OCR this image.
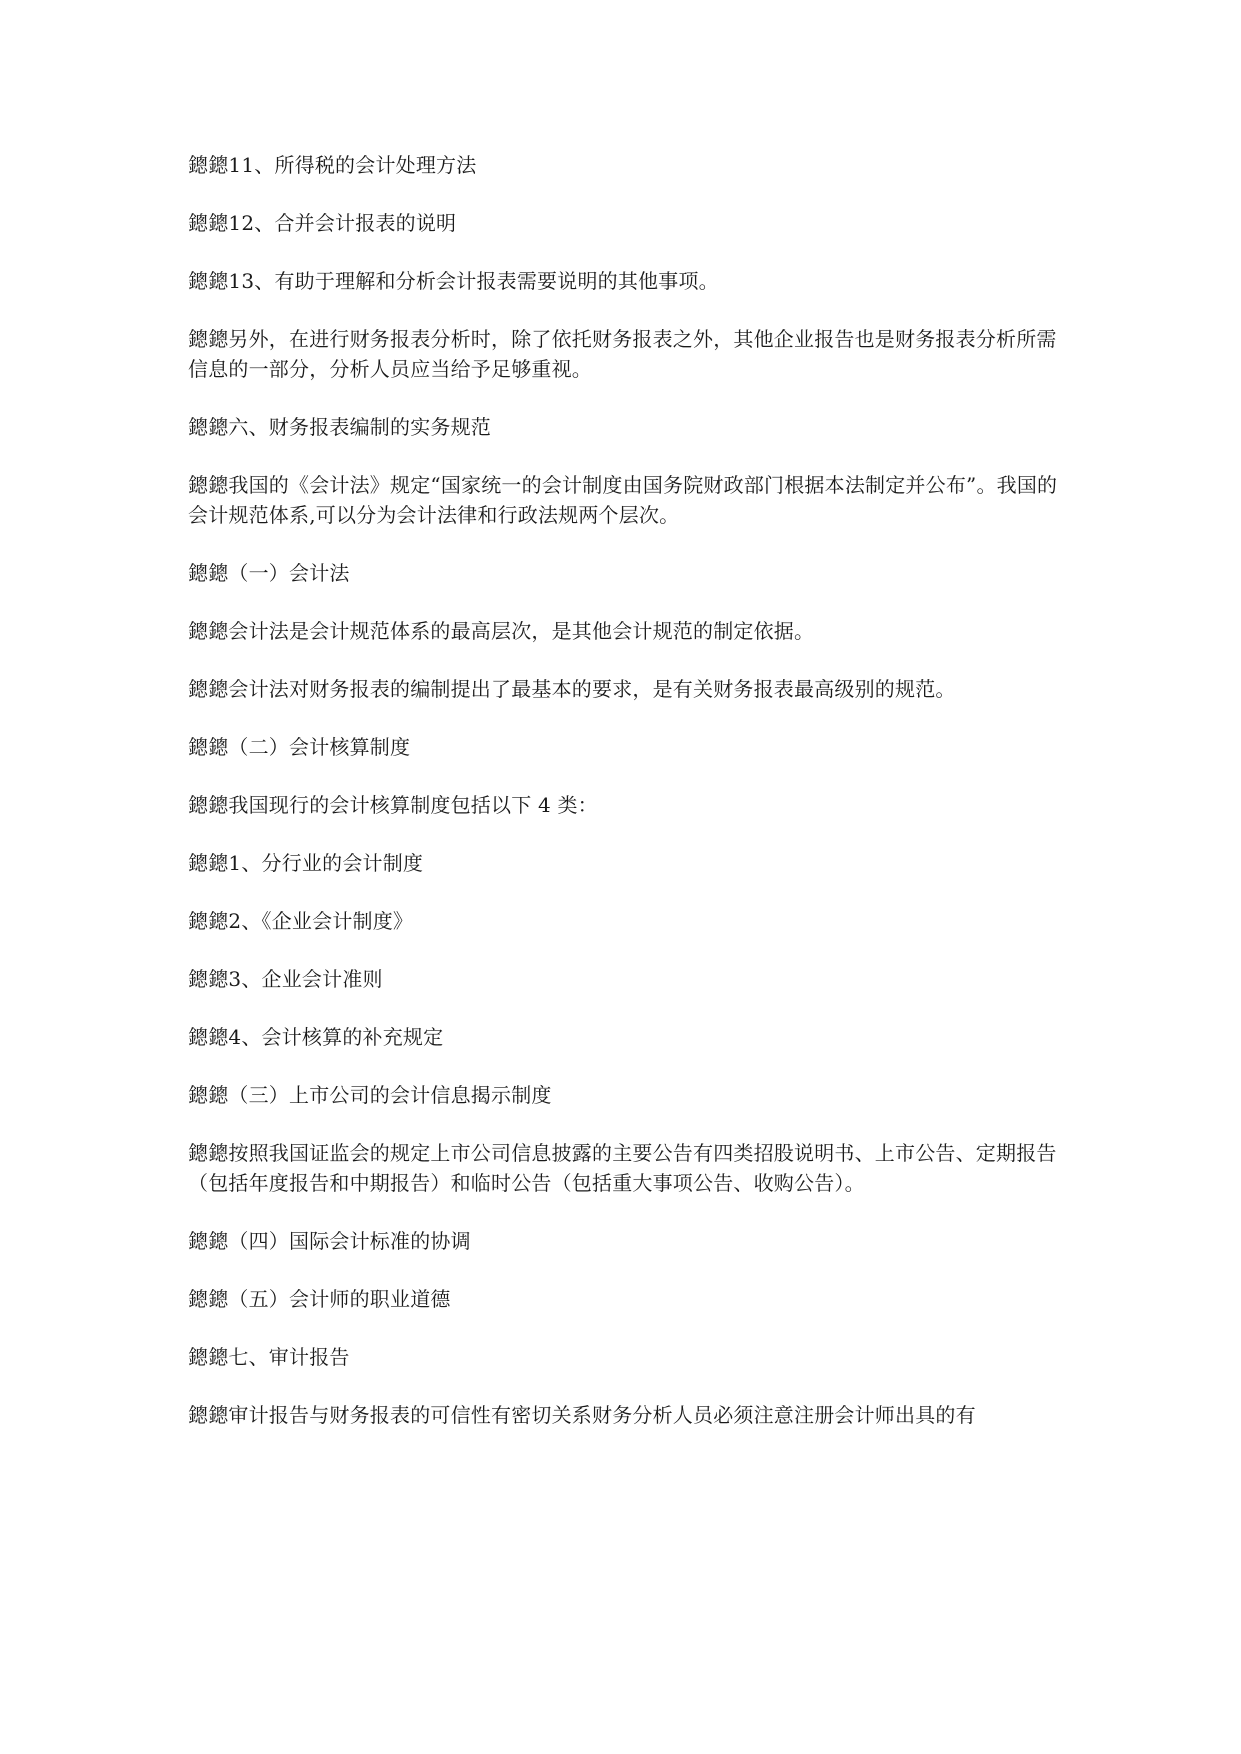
鏓鏓11、所得税的会计处理方法

鏓鏓12、合并会计报表的说明

鏓鏓13、有助于理解和分析会计报表需要说明的其他事项。

鏓鏓另外，在进行财务报表分析时，除了依托财务报表之外，其他企业报告也是财务报表分析所需信息的一部分，分析人员应当给予足够重视。

鏓鏓六、财务报表编制的实务规范

鏓鏓我国的《会计法》规定“国家统一的会计制度由国务院财政部门根据本法制定并公布”。我国的会计规范体系,可以分为会计法律和行政法规两个层次。

鏓鏓（一）会计法

鏓鏓会计法是会计规范体系的最高层次，是其他会计规范的制定依据。

鏓鏓会计法对财务报表的编制提出了最基本的要求，是有关财务报表最高级别的规范。

鏓鏓（二）会计核算制度

鏓鏓我国现行的会计核算制度包括以下 4 类：

鏓鏓1、分行业的会计制度

鏓鏓2、《企业会计制度》

鏓鏓3、企业会计准则

鏓鏓4、会计核算的补充规定

鏓鏓（三）上市公司的会计信息揭示制度

鏓鏓按照我国证监会的规定上市公司信息披露的主要公告有四类招股说明书、上市公告、定期报告（包括年度报告和中期报告）和临时公告（包括重大事项公告、收购公告）。

鏓鏓（四）国际会计标准的协调

鏓鏓（五）会计师的职业道德

鏓鏓七、审计报告

鏓鏓审计报告与财务报表的可信性有密切关系财务分析人员必须注意注册会计师出具的有
